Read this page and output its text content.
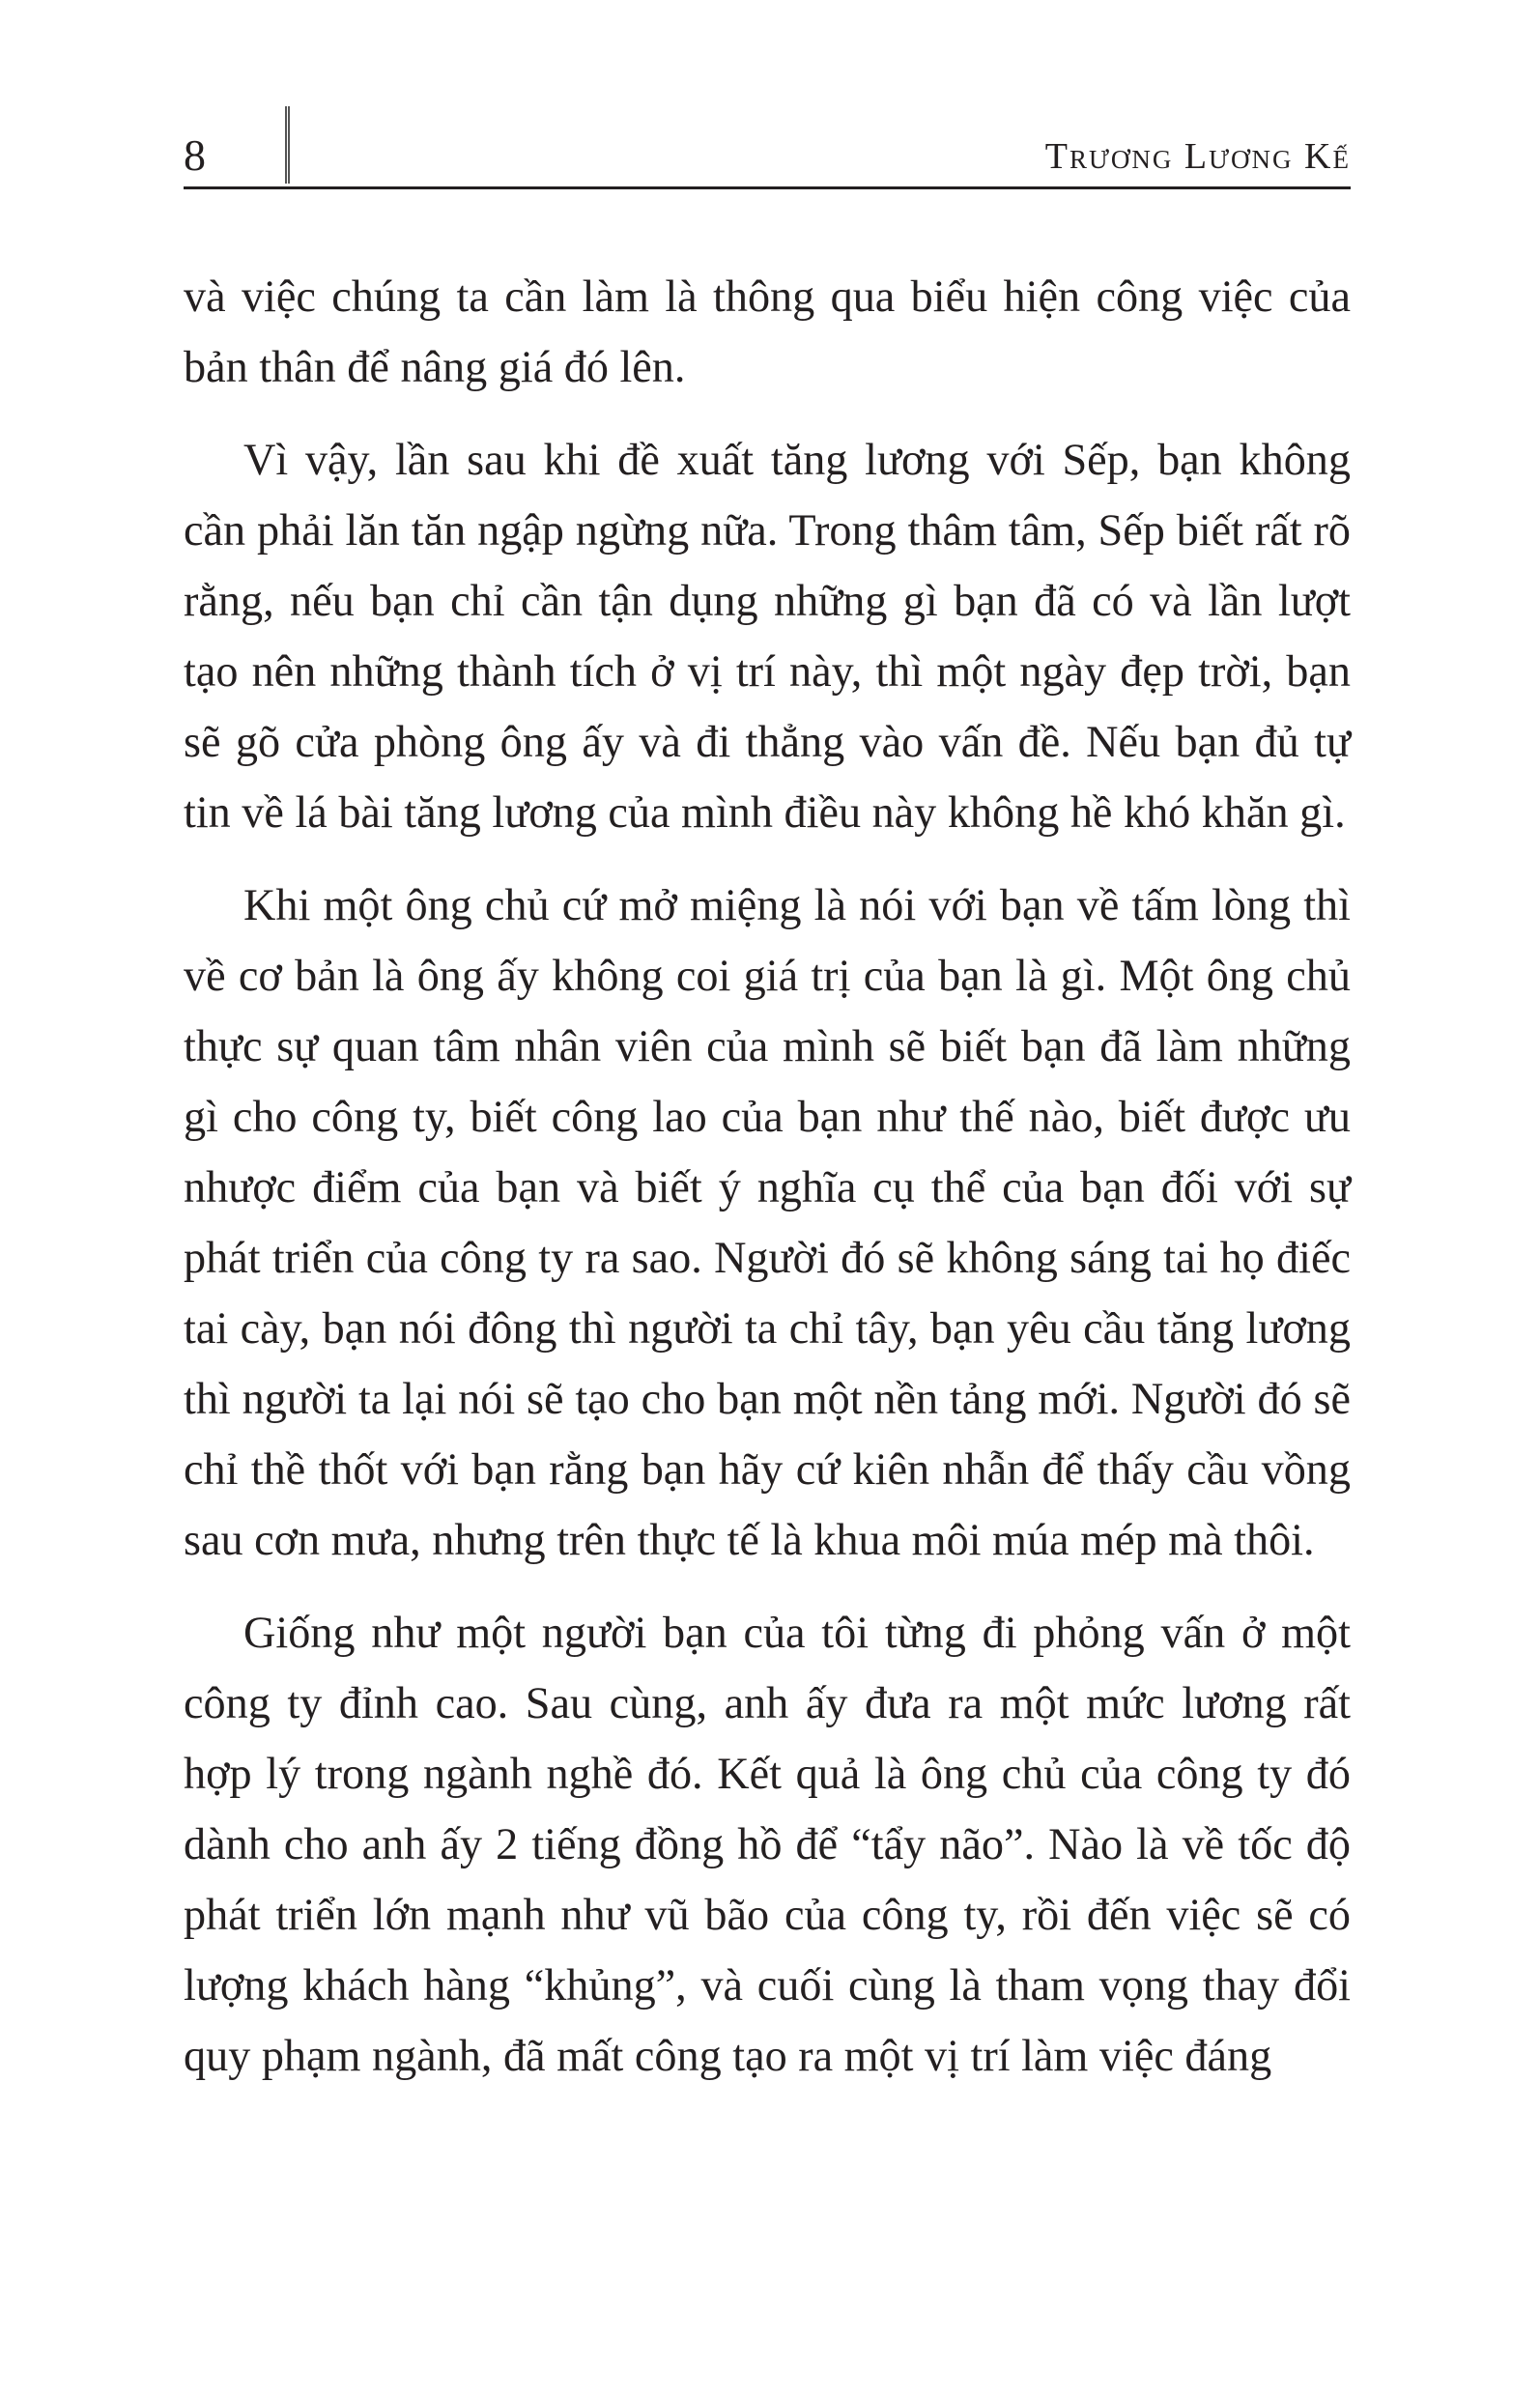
8	Trương Lương Kế

và việc chúng ta cần làm là thông qua biểu hiện công việc của bản thân để nâng giá đó lên.

Vì vậy, lần sau khi đề xuất tăng lương với Sếp, bạn không cần phải lăn tăn ngập ngừng nữa. Trong thâm tâm, Sếp biết rất rõ rằng, nếu bạn chỉ cần tận dụng những gì bạn đã có và lần lượt tạo nên những thành tích ở vị trí này, thì một ngày đẹp trời, bạn sẽ gõ cửa phòng ông ấy và đi thẳng vào vấn đề. Nếu bạn đủ tự tin về lá bài tăng lương của mình điều này không hề khó khăn gì.

Khi một ông chủ cứ mở miệng là nói với bạn về tấm lòng thì về cơ bản là ông ấy không coi giá trị của bạn là gì. Một ông chủ thực sự quan tâm nhân viên của mình sẽ biết bạn đã làm những gì cho công ty, biết công lao của bạn như thế nào, biết được ưu nhược điểm của bạn và biết ý nghĩa cụ thể của bạn đối với sự phát triển của công ty ra sao. Người đó sẽ không sáng tai họ điếc tai cày, bạn nói đông thì người ta chỉ tây, bạn yêu cầu tăng lương thì người ta lại nói sẽ tạo cho bạn một nền tảng mới. Người đó sẽ chỉ thề thốt với bạn rằng bạn hãy cứ kiên nhẫn để thấy cầu vồng sau cơn mưa, nhưng trên thực tế là khua môi múa mép mà thôi.

Giống như một người bạn của tôi từng đi phỏng vấn ở một công ty đỉnh cao. Sau cùng, anh ấy đưa ra một mức lương rất hợp lý trong ngành nghề đó. Kết quả là ông chủ của công ty đó dành cho anh ấy 2 tiếng đồng hồ để “tẩy não”. Nào là về tốc độ phát triển lớn mạnh như vũ bão của công ty, rồi đến việc sẽ có lượng khách hàng “khủng”, và cuối cùng là tham vọng thay đổi quy phạm ngành, đã mất công tạo ra một vị trí làm việc đáng
